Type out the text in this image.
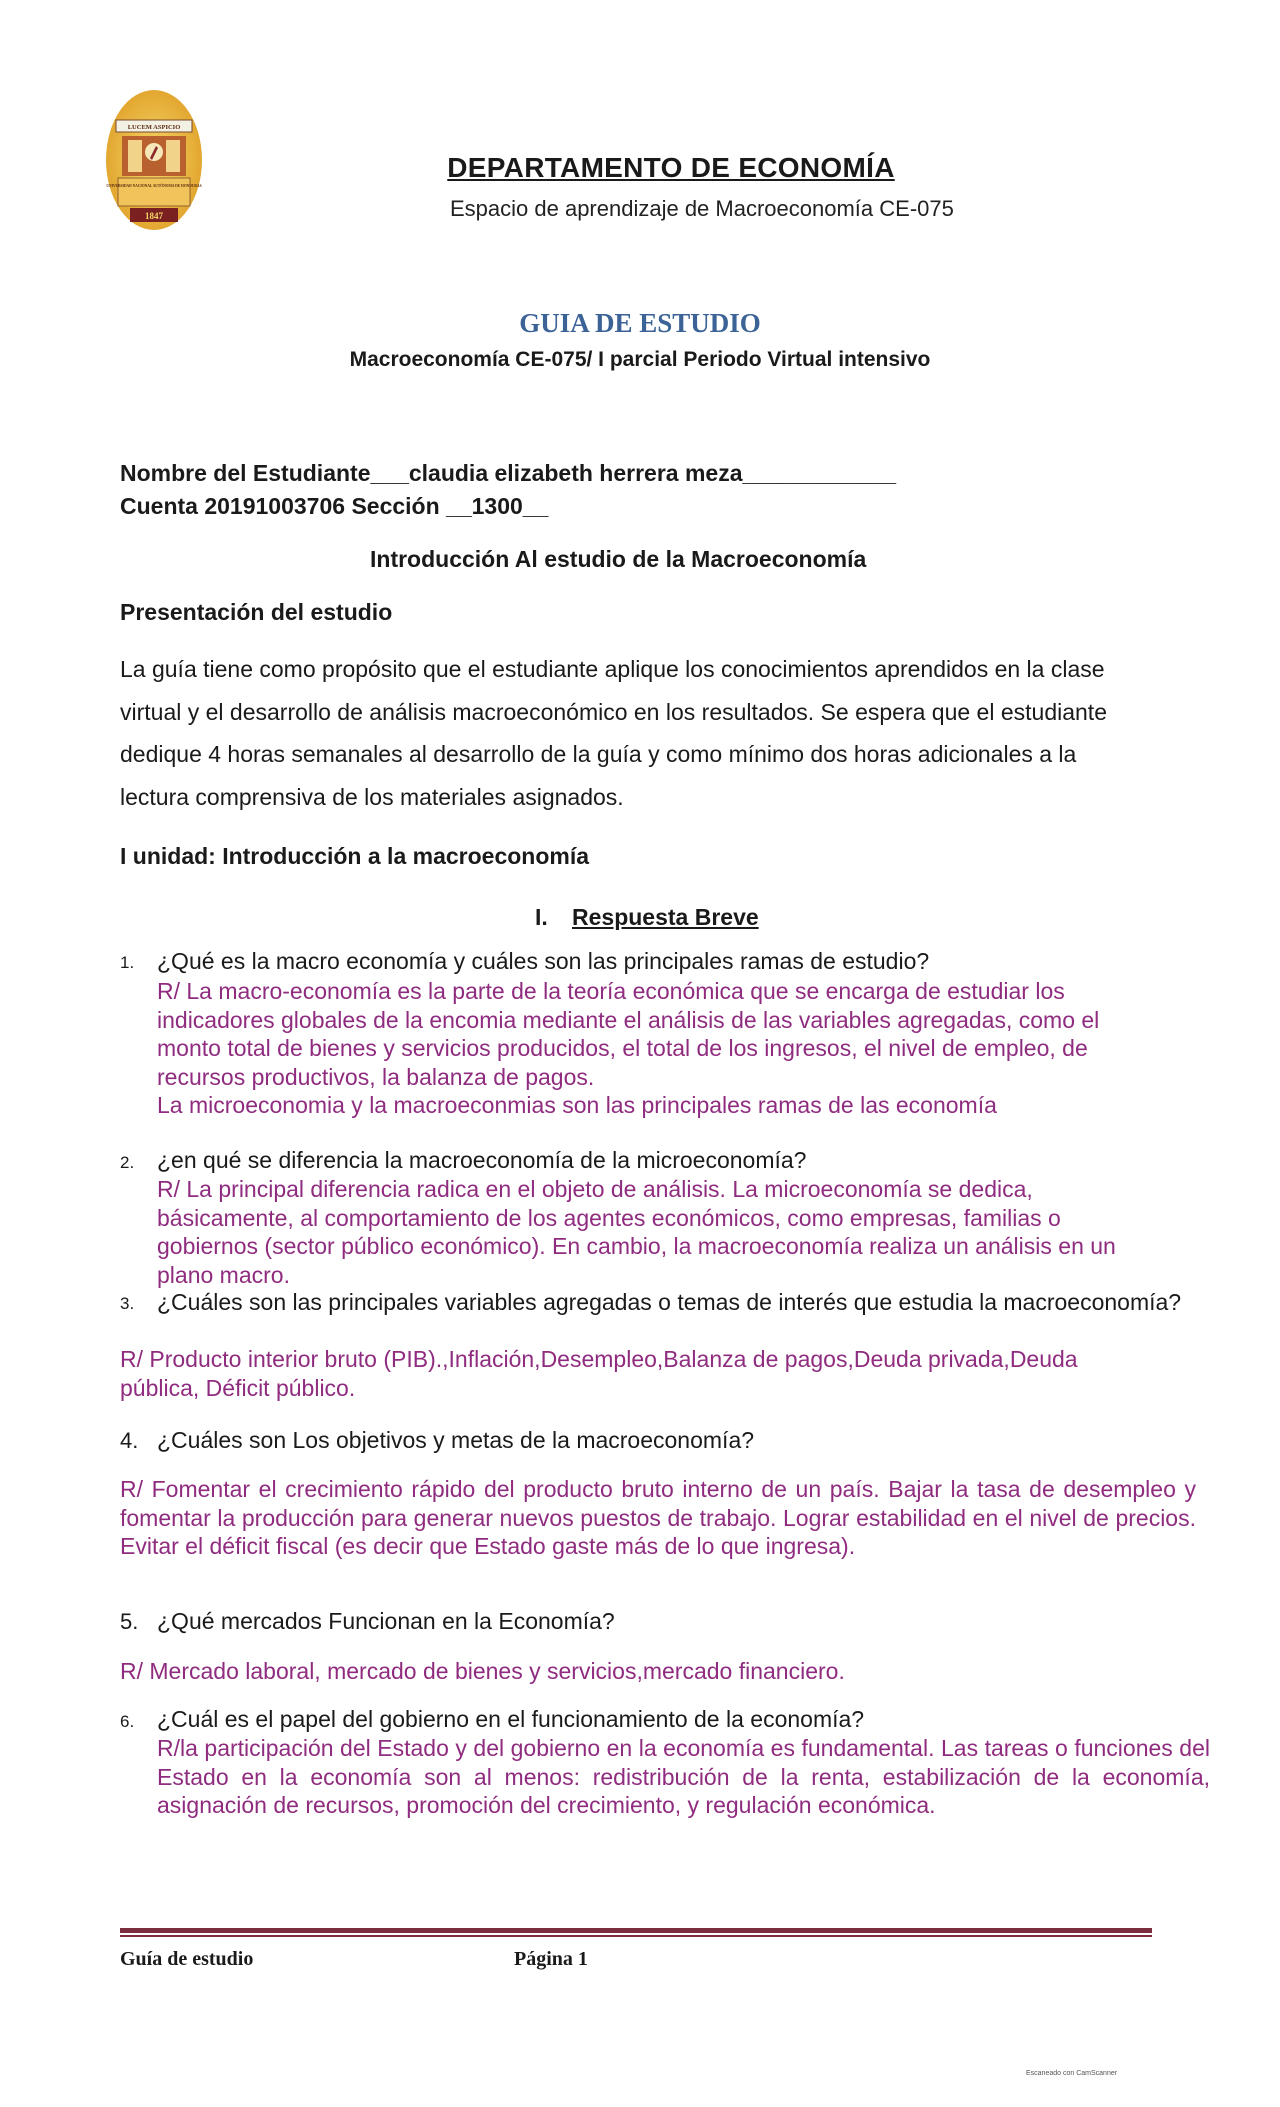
LUCEM ASPICIO
UNIVERSIDAD NACIONAL AUTÓNOMA DE HONDURAS
1847
DEPARTAMENTO DE ECONOMÍA
Espacio de aprendizaje de Macroeconomía CE-075
GUIA DE ESTUDIO
Macroeconomía CE-075/ I parcial Periodo Virtual intensivo
Nombre del Estudiante___claudia elizabeth herrera meza____________
Cuenta 20191003706 Sección __1300__
Introducción Al estudio de la Macroeconomía
Presentación del estudio
La guía tiene como propósito que el estudiante aplique los conocimientos aprendidos en la clase virtual y el desarrollo de análisis macroeconómico en los resultados. Se espera que el estudiante dedique 4 horas semanales al desarrollo de la guía y como mínimo dos horas adicionales a la lectura comprensiva de los materiales asignados.
I unidad: Introducción a la macroeconomía
I. Respuesta Breve
1. ¿Qué es la macro economía y cuáles son las principales ramas de estudio?
R/ La macro-economía es la parte de la teoría económica que se encarga de estudiar los indicadores globales de la encomia mediante el análisis de las variables agregadas, como el monto total de bienes y servicios producidos, el total de los ingresos, el nivel de empleo, de recursos productivos, la balanza de pagos.
La microeconomia y la macroeconmias son las principales ramas de las economía
2. ¿en qué se diferencia la macroeconomía de la microeconomía?
R/ La principal diferencia radica en el objeto de análisis. La microeconomía se dedica, básicamente, al comportamiento de los agentes económicos, como empresas, familias o gobiernos (sector público económico). En cambio, la macroeconomía realiza un análisis en un plano macro.
3. ¿Cuáles son las principales variables agregadas o temas de interés que estudia la macroeconomía?
R/ Producto interior bruto (PIB).,Inflación,Desempleo,Balanza de pagos,Deuda privada,Deuda pública, Déficit público.
4. ¿Cuáles son Los objetivos y metas de la macroeconomía?
R/ Fomentar el crecimiento rápido del producto bruto interno de un país. Bajar la tasa de desempleo y fomentar la producción para generar nuevos puestos de trabajo. Lograr estabilidad en el nivel de precios. Evitar el déficit fiscal (es decir que Estado gaste más de lo que ingresa).
5. ¿Qué mercados Funcionan en la Economía?
R/ Mercado laboral, mercado de bienes y servicios,mercado financiero.
6. ¿Cuál es el papel del gobierno en el funcionamiento de la economía?
R/la participación del Estado y del gobierno en la economía es fundamental. Las tareas o funciones del Estado en la economía son al menos: redistribución de la renta, estabilización de la economía, asignación de recursos, promoción del crecimiento, y regulación económica.
Guía de estudio	Página 1
Escaneado con CamScanner
